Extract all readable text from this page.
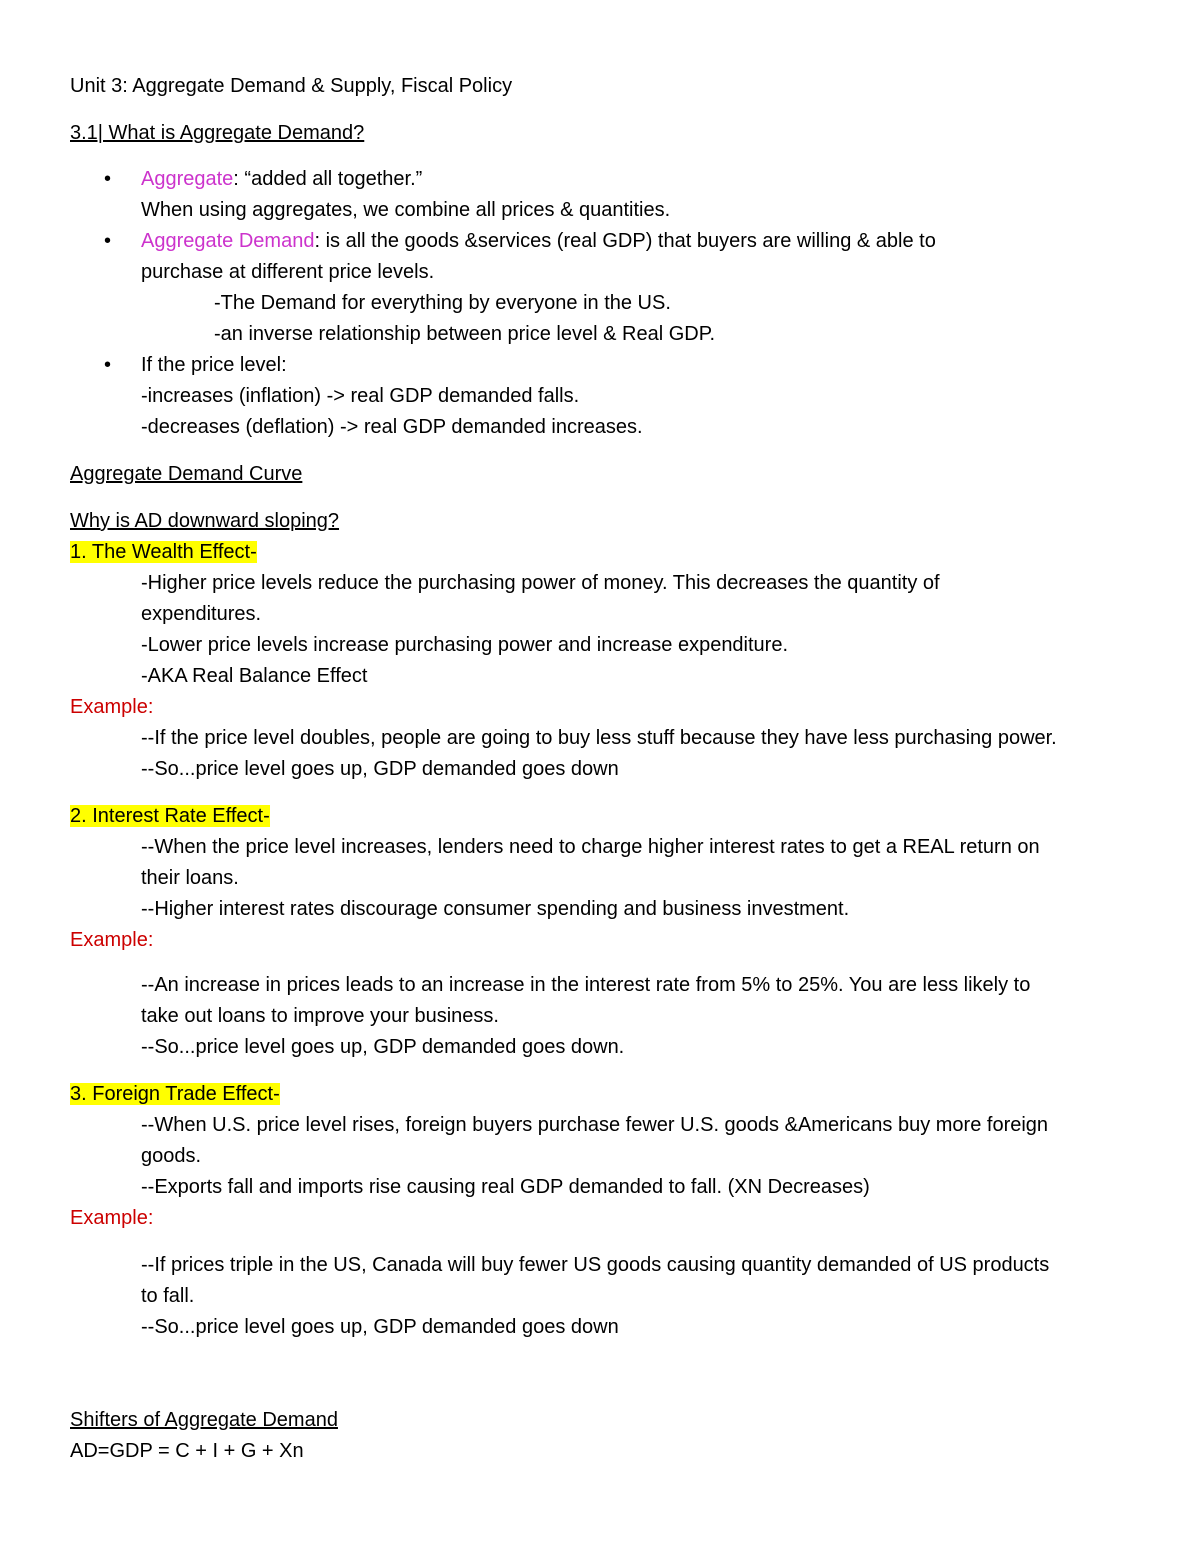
Unit 3: Aggregate Demand & Supply, Fiscal Policy
3.1| What is Aggregate Demand?
• Aggregate: “added all together.”
When using aggregates, we combine all prices & quantities.
• Aggregate Demand: is all the goods &services (real GDP) that buyers are willing & able to
purchase at different price levels.
-The Demand for everything by everyone in the US.
-an inverse relationship between price level & Real GDP.
• If the price level:
-increases (inflation) -> real GDP demanded falls.
-decreases (deflation) -> real GDP demanded increases.
Aggregate Demand Curve
Why is AD downward sloping?
1. The Wealth Effect-
-Higher price levels reduce the purchasing power of money. This decreases the quantity of
expenditures.
-Lower price levels increase purchasing power and increase expenditure.
-AKA Real Balance Effect
Example:
--If the price level doubles, people are going to buy less stuff because they have less purchasing power.
--So...price level goes up, GDP demanded goes down
2. Interest Rate Effect-
--When the price level increases, lenders need to charge higher interest rates to get a REAL return on
their loans.
--Higher interest rates discourage consumer spending and business investment.
Example:
--An increase in prices leads to an increase in the interest rate from 5% to 25%. You are less likely to
take out loans to improve your business.
--So...price level goes up, GDP demanded goes down.
3. Foreign Trade Effect-
--When U.S. price level rises, foreign buyers purchase fewer U.S. goods &Americans buy more foreign
goods.
--Exports fall and imports rise causing real GDP demanded to fall. (XN Decreases)
Example:
--If prices triple in the US, Canada will buy fewer US goods causing quantity demanded of US products
to fall.
--So...price level goes up, GDP demanded goes down
Shifters of Aggregate Demand
AD=GDP = C + I + G + Xn
